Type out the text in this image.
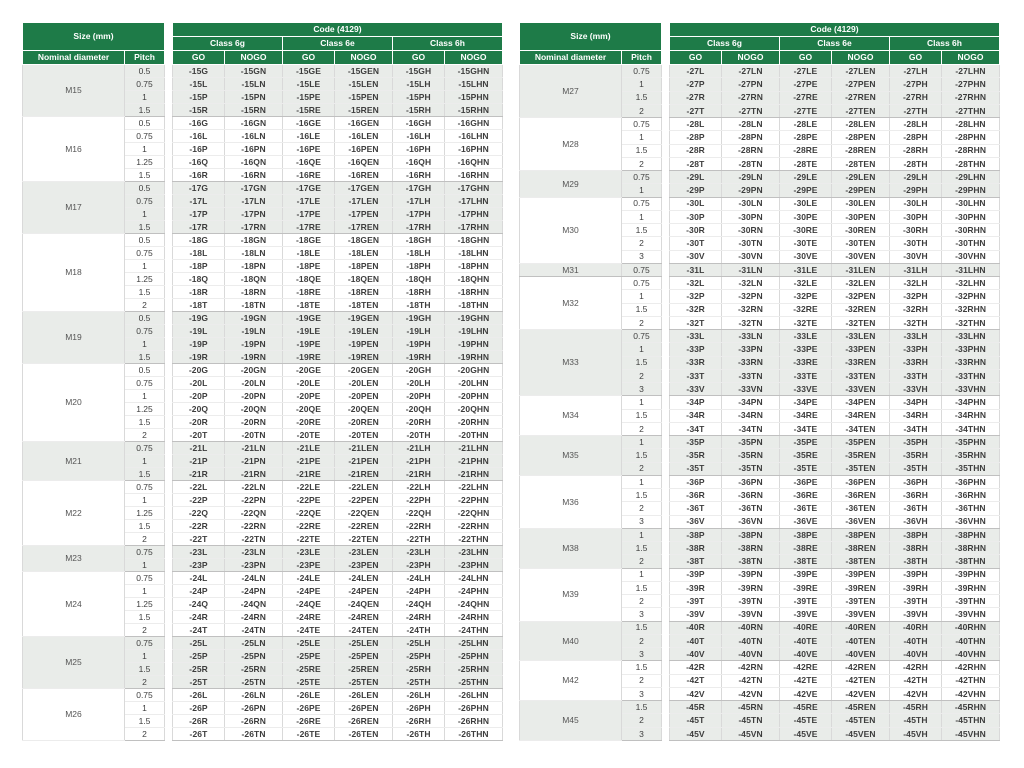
Size (mm)			Code (4129)					
			Class 6g		Class 6e		Class 6h	
Nominal diameter	Pitch		GO	NOGO	GO	NOGO	GO	NOGO
M15	0.5		-15G	-15GN	-15GE	-15GEN	-15GH	-15GHN
	0.75		-15L	-15LN	-15LE	-15LEN	-15LH	-15LHN
	1		-15P	-15PN	-15PE	-15PEN	-15PH	-15PHN
	1.5		-15R	-15RN	-15RE	-15REN	-15RH	-15RHN
M16	0.5		-16G	-16GN	-16GE	-16GEN	-16GH	-16GHN
	0.75		-16L	-16LN	-16LE	-16LEN	-16LH	-16LHN
	1		-16P	-16PN	-16PE	-16PEN	-16PH	-16PHN
	1.25		-16Q	-16QN	-16QE	-16QEN	-16QH	-16QHN
	1.5		-16R	-16RN	-16RE	-16REN	-16RH	-16RHN
M17	0.5		-17G	-17GN	-17GE	-17GEN	-17GH	-17GHN
	0.75		-17L	-17LN	-17LE	-17LEN	-17LH	-17LHN
	1		-17P	-17PN	-17PE	-17PEN	-17PH	-17PHN
	1.5		-17R	-17RN	-17RE	-17REN	-17RH	-17RHN
M18	0.5		-18G	-18GN	-18GE	-18GEN	-18GH	-18GHN
	0.75		-18L	-18LN	-18LE	-18LEN	-18LH	-18LHN
	1		-18P	-18PN	-18PE	-18PEN	-18PH	-18PHN
	1.25		-18Q	-18QN	-18QE	-18QEN	-18QH	-18QHN
	1.5		-18R	-18RN	-18RE	-18REN	-18RH	-18RHN
	2		-18T	-18TN	-18TE	-18TEN	-18TH	-18THN
M19	0.5		-19G	-19GN	-19GE	-19GEN	-19GH	-19GHN
	0.75		-19L	-19LN	-19LE	-19LEN	-19LH	-19LHN
	1		-19P	-19PN	-19PE	-19PEN	-19PH	-19PHN
	1.5		-19R	-19RN	-19RE	-19REN	-19RH	-19RHN
M20	0.5		-20G	-20GN	-20GE	-20GEN	-20GH	-20GHN
	0.75		-20L	-20LN	-20LE	-20LEN	-20LH	-20LHN
	1		-20P	-20PN	-20PE	-20PEN	-20PH	-20PHN
	1.25		-20Q	-20QN	-20QE	-20QEN	-20QH	-20QHN
	1.5		-20R	-20RN	-20RE	-20REN	-20RH	-20RHN
	2		-20T	-20TN	-20TE	-20TEN	-20TH	-20THN
M21	0.75		-21L	-21LN	-21LE	-21LEN	-21LH	-21LHN
	1		-21P	-21PN	-21PE	-21PEN	-21PH	-21PHN
	1.5		-21R	-21RN	-21RE	-21REN	-21RH	-21RHN
M22	0.75		-22L	-22LN	-22LE	-22LEN	-22LH	-22LHN
	1		-22P	-22PN	-22PE	-22PEN	-22PH	-22PHN
	1.25		-22Q	-22QN	-22QE	-22QEN	-22QH	-22QHN
	1.5		-22R	-22RN	-22RE	-22REN	-22RH	-22RHN
	2		-22T	-22TN	-22TE	-22TEN	-22TH	-22THN
M23	0.75		-23L	-23LN	-23LE	-23LEN	-23LH	-23LHN
	1		-23P	-23PN	-23PE	-23PEN	-23PH	-23PHN
M24	0.75		-24L	-24LN	-24LE	-24LEN	-24LH	-24LHN
	1		-24P	-24PN	-24PE	-24PEN	-24PH	-24PHN
	1.25		-24Q	-24QN	-24QE	-24QEN	-24QH	-24QHN
	1.5		-24R	-24RN	-24RE	-24REN	-24RH	-24RHN
	2		-24T	-24TN	-24TE	-24TEN	-24TH	-24THN
M25	0.75		-25L	-25LN	-25LE	-25LEN	-25LH	-25LHN
	1		-25P	-25PN	-25PE	-25PEN	-25PH	-25PHN
	1.5		-25R	-25RN	-25RE	-25REN	-25RH	-25RHN
	2		-25T	-25TN	-25TE	-25TEN	-25TH	-25THN
M26	0.75		-26L	-26LN	-26LE	-26LEN	-26LH	-26LHN
	1		-26P	-26PN	-26PE	-26PEN	-26PH	-26PHN
	1.5		-26R	-26RN	-26RE	-26REN	-26RH	-26RHN
	2		-26T	-26TN	-26TE	-26TEN	-26TH	-26THN
Size (mm)			Code (4129)					
			Class 6g		Class 6e		Class 6h	
Nominal diameter	Pitch		GO	NOGO	GO	NOGO	GO	NOGO
M27	0.75		-27L	-27LN	-27LE	-27LEN	-27LH	-27LHN
	1		-27P	-27PN	-27PE	-27PEN	-27PH	-27PHN
	1.5		-27R	-27RN	-27RE	-27REN	-27RH	-27RHN
	2		-27T	-27TN	-27TE	-27TEN	-27TH	-27THN
M28	0.75		-28L	-28LN	-28LE	-28LEN	-28LH	-28LHN
	1		-28P	-28PN	-28PE	-28PEN	-28PH	-28PHN
	1.5		-28R	-28RN	-28RE	-28REN	-28RH	-28RHN
	2		-28T	-28TN	-28TE	-28TEN	-28TH	-28THN
M29	0.75		-29L	-29LN	-29LE	-29LEN	-29LH	-29LHN
	1		-29P	-29PN	-29PE	-29PEN	-29PH	-29PHN
M30	0.75		-30L	-30LN	-30LE	-30LEN	-30LH	-30LHN
	1		-30P	-30PN	-30PE	-30PEN	-30PH	-30PHN
	1.5		-30R	-30RN	-30RE	-30REN	-30RH	-30RHN
	2		-30T	-30TN	-30TE	-30TEN	-30TH	-30THN
	3		-30V	-30VN	-30VE	-30VEN	-30VH	-30VHN
M31	0.75		-31L	-31LN	-31LE	-31LEN	-31LH	-31LHN
M32	0.75		-32L	-32LN	-32LE	-32LEN	-32LH	-32LHN
	1		-32P	-32PN	-32PE	-32PEN	-32PH	-32PHN
	1.5		-32R	-32RN	-32RE	-32REN	-32RH	-32RHN
	2		-32T	-32TN	-32TE	-32TEN	-32TH	-32THN
M33	0.75		-33L	-33LN	-33LE	-33LEN	-33LH	-33LHN
	1		-33P	-33PN	-33PE	-33PEN	-33PH	-33PHN
	1.5		-33R	-33RN	-33RE	-33REN	-33RH	-33RHN
	2		-33T	-33TN	-33TE	-33TEN	-33TH	-33THN
	3		-33V	-33VN	-33VE	-33VEN	-33VH	-33VHN
M34	1		-34P	-34PN	-34PE	-34PEN	-34PH	-34PHN
	1.5		-34R	-34RN	-34RE	-34REN	-34RH	-34RHN
	2		-34T	-34TN	-34TE	-34TEN	-34TH	-34THN
M35	1		-35P	-35PN	-35PE	-35PEN	-35PH	-35PHN
	1.5		-35R	-35RN	-35RE	-35REN	-35RH	-35RHN
	2		-35T	-35TN	-35TE	-35TEN	-35TH	-35THN
M36	1		-36P	-36PN	-36PE	-36PEN	-36PH	-36PHN
	1.5		-36R	-36RN	-36RE	-36REN	-36RH	-36RHN
	2		-36T	-36TN	-36TE	-36TEN	-36TH	-36THN
	3		-36V	-36VN	-36VE	-36VEN	-36VH	-36VHN
M38	1		-38P	-38PN	-38PE	-38PEN	-38PH	-38PHN
	1.5		-38R	-38RN	-38RE	-38REN	-38RH	-38RHN
	2		-38T	-38TN	-38TE	-38TEN	-38TH	-38THN
M39	1		-39P	-39PN	-39PE	-39PEN	-39PH	-39PHN
	1.5		-39R	-39RN	-39RE	-39REN	-39RH	-39RHN
	2		-39T	-39TN	-39TE	-39TEN	-39TH	-39THN
	3		-39V	-39VN	-39VE	-39VEN	-39VH	-39VHN
M40	1.5		-40R	-40RN	-40RE	-40REN	-40RH	-40RHN
	2		-40T	-40TN	-40TE	-40TEN	-40TH	-40THN
	3		-40V	-40VN	-40VE	-40VEN	-40VH	-40VHN
M42	1.5		-42R	-42RN	-42RE	-42REN	-42RH	-42RHN
	2		-42T	-42TN	-42TE	-42TEN	-42TH	-42THN
	3		-42V	-42VN	-42VE	-42VEN	-42VH	-42VHN
M45	1.5		-45R	-45RN	-45RE	-45REN	-45RH	-45RHN
	2		-45T	-45TN	-45TE	-45TEN	-45TH	-45THN
	3		-45V	-45VN	-45VE	-45VEN	-45VH	-45VHN
